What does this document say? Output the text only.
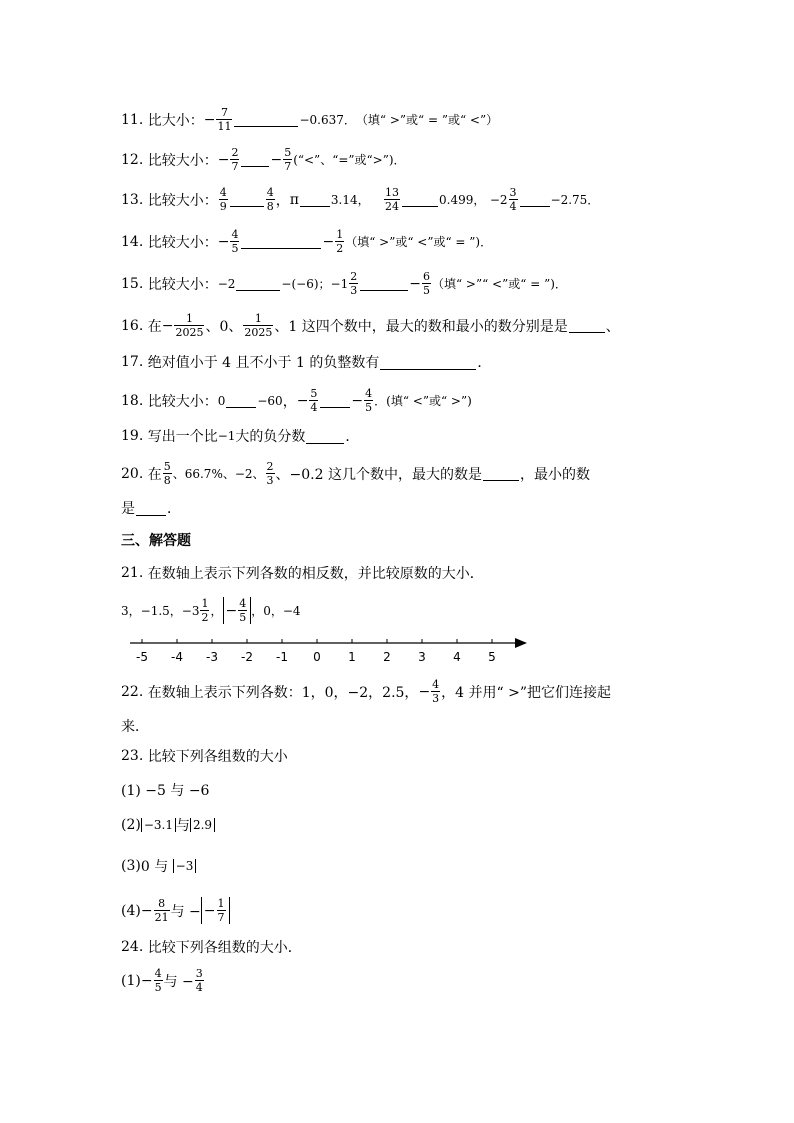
11.
比大小： − $\frac{7}{11}$	−0.637． （填“ >”或“ = ”或“ <”）
12.
比较大小： − $\frac{2}{7} - \frac{5}{7}$ (“<”、“=”或“>”)．
13.
比较大小： $\frac{4}{9}$	$\frac{4}{8}$ ， π	3.14，
$\frac{13}{24}$	0.499，
$-2 \frac{3}{4}$	−2.75．
14.
比较大小： − $\frac{4}{5}$	− $\frac{1}{2}$ （填“ >”或“ <”或“ = ”)．
15.
比较大小： −2	−(−6)； $-1 \frac{2}{3}$	− $\frac{6}{5}$ （填“ >”“ <”或“ = ”)．
16.
在 − $\frac{1}{2025}$ 、0、 $\frac{1}{2025}$ 、1 这四个数中，最大的数和最小的数分别是是	、
17.
绝对值小于 4 且不小于 1 的负整数有	．
18.
比较大小： 0	−60 ， − $\frac{5}{4} - \frac{4}{5}$ ．(填“ <”或“ >”)
19.
写出一个比 −1 大的负分数	．
20.
在 $\frac{5}{8}$ 、66.7%、−2、 $\frac{2}{3}$ 、−0.2 这几个数中，最大的数是	，最小的数
是 ．
三、解答题
21.
在数轴上表示下列各数的相反数，并比较原数的大小．
3，−1.5， $-3 \frac{1}{2}$ ， − $\frac{4}{5}$ ，0，−4
-5 -4 -3 -2 -1 0 1 2 3 4 5
22.
在数轴上表示下列各数：1，0，−2，2.5， − $\frac{4}{3}$ ，4 并用“ >”把它们连接起
来．
23.
比较下列各组数的大小
(1) −5 与 −6
(2) −3.1 与 2.9
(3) 0 与
−3
$(4) - \frac{8}{21}$ 与 − − $\frac{1}{7}$
24.
比较下列各组数的大小．
$(1) - \frac{4}{5}$ 与 − $\frac{3}{4}$
